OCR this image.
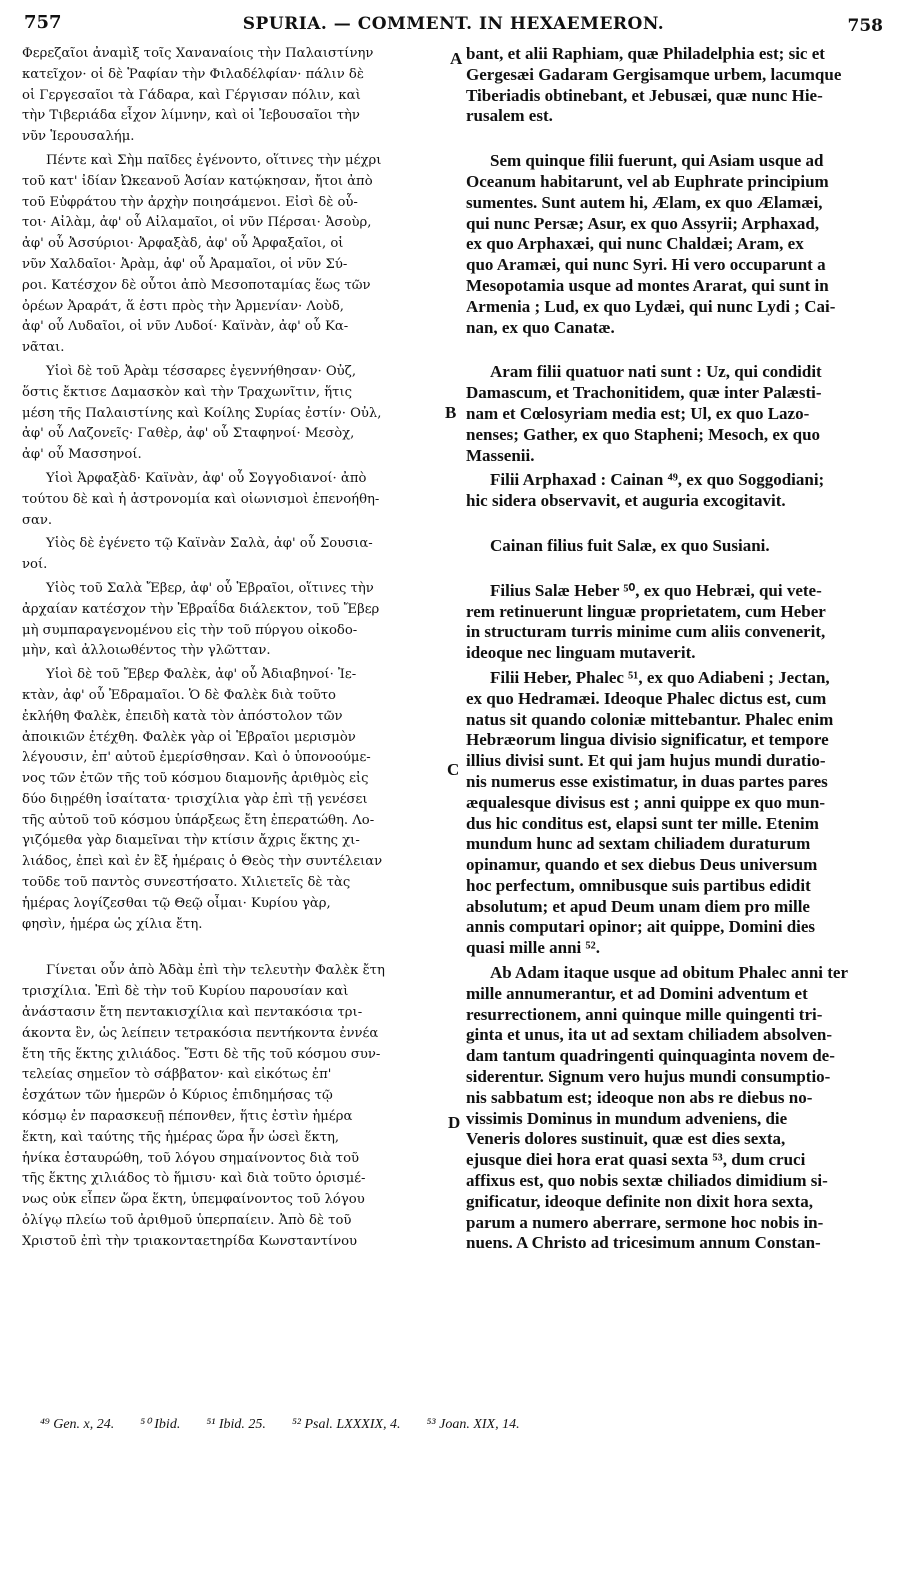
757	SPURIA. — COMMENT. IN HEXAEMERON.	758
A
B
C
D
Φερεζαῖοι ἀναμὶξ τοῖς Χαναναίοις τὴν Παλαιστίνην
κατεῖχον· οἱ δὲ Ῥαφίαν τὴν Φιλαδέλφίαν· πάλιν δὲ
οἱ Γεργεσαῖοι τὰ Γάδαρα, καὶ Γέργισαν πόλιν, καὶ
τὴν Τιβεριάδα εἶχον λίμνην, καὶ οἱ Ἰεβουσαῖοι τὴν
νῦν Ἱερουσαλήμ.
Πέντε καὶ Σὴμ παῖδες ἐγένοντο, οἵτινες τὴν μέχρι
τοῦ κατ' ἰδίαν Ὠκεανοῦ Ἀσίαν κατῴκησαν, ἤτοι ἀπὸ
τοῦ Εὐφράτου τὴν ἀρχὴν ποιησάμενοι. Εἰσὶ δὲ οὗ-
τοι· Αἰλὰμ, ἀφ' οὗ Αἰλαμαῖοι, οἱ νῦν Πέρσαι· Ἀσοὺρ,
ἀφ' οὗ Ἀσσύριοι· Ἀρφαξὰδ, ἀφ' οὗ Ἀρφαξαῖοι, οἱ
νῦν Χαλδαῖοι· Ἀρὰμ, ἀφ' οὗ Ἀραμαῖοι, οἱ νῦν Σύ-
ροι. Κατέσχον δὲ οὗτοι ἀπὸ Μεσοποταμίας ἕως τῶν
ὀρέων Ἀραράτ, ἅ ἐστι πρὸς τὴν Ἀρμενίαν· Λοὺδ,
ἀφ' οὗ Λυδαῖοι, οἱ νῦν Λυδοί· Καϊνὰν, ἀφ' οὗ Κα-
νᾶται.
Υἱοὶ δὲ τοῦ Ἀρὰμ τέσσαρες ἐγεννήθησαν· Οὐζ,
ὅστις ἔκτισε Δαμασκὸν καὶ τὴν Τραχωνῖτιν, ἥτις
μέση τῆς Παλαιστίνης καὶ Κοίλης Συρίας ἐστίν· Οὐλ,
ἀφ' οὗ Λαζονεῖς· Γαθὲρ, ἀφ' οὗ Σταφηνοί· Μεσὸχ,
ἀφ' οὗ Μασσηνοί.
Υἱοὶ Ἀρφαξὰδ· Καϊνὰν, ἀφ' οὗ Σογγοδιανοί· ἀπὸ
τούτου δὲ καὶ ἡ ἀστρονομία καὶ οἰωνισμοὶ ἐπενοήθη-
σαν.
Υἱὸς δὲ ἐγένετο τῷ Καϊνὰν Σαλὰ, ἀφ' οὗ Σουσια-
νοί.
Υἱὸς τοῦ Σαλὰ Ἔβερ, ἀφ' οὗ Ἑβραῖοι, οἵτινες τὴν
ἀρχαίαν κατέσχον τὴν Ἑβραΐδα διάλεκτον, τοῦ Ἔβερ
μὴ συμπαραγενομένου εἰς τὴν τοῦ πύργου οἰκοδο-
μὴν, καὶ ἀλλοιωθέντος τὴν γλῶτταν.
Υἱοὶ δὲ τοῦ Ἔβερ Φαλὲκ, ἀφ' οὗ Ἀδιαβηνοί· Ἰε-
κτὰν, ἀφ' οὗ Ἐδραμαῖοι. Ὁ δὲ Φαλὲκ διὰ τοῦτο
ἐκλήθη Φαλὲκ, ἐπειδὴ κατὰ τὸν ἀπόστολον τῶν
ἀποικιῶν ἐτέχθη. Φαλὲκ γὰρ οἱ Ἑβραῖοι μερισμὸν
λέγουσιν, ἐπ' αὐτοῦ ἐμερίσθησαν. Καὶ ὁ ὑπονοούμε-
νος τῶν ἐτῶν τῆς τοῦ κόσμου διαμονῆς ἀριθμὸς εἰς
δύο διῃρέθη ἰσαίτατα· τρισχίλια γὰρ ἐπὶ τῇ γενέσει
τῆς αὐτοῦ τοῦ κόσμου ὑπάρξεως ἔτη ἐπερατώθη. Λο-
γιζόμεθα γὰρ διαμεῖναι τὴν κτίσιν ἄχρις ἕκτης χι-
λιάδος, ἐπεὶ καὶ ἐν ἓξ ἡμέραις ὁ Θεὸς τὴν συντέλειαν
τοῦδε τοῦ παντὸς συνεστήσατο. Χιλιετεῖς δὲ τὰς
ἡμέρας λογίζεσθαι τῷ Θεῷ οἶμαι· Κυρίου γὰρ,
φησὶν, ἡμέρα ὡς χίλια ἔτη.
Γίνεται οὖν ἀπὸ Ἀδὰμ ἐπὶ τὴν τελευτὴν Φαλὲκ ἔτη
τρισχίλια. Ἐπὶ δὲ τὴν τοῦ Κυρίου παρουσίαν καὶ
ἀνάστασιν ἔτη πεντακισχίλια καὶ πεντακόσια τρι-
άκοντα ἓν, ὡς λείπειν τετρακόσια πεντήκοντα ἐννέα
ἔτη τῆς ἕκτης χιλιάδος. Ἔστι δὲ τῆς τοῦ κόσμου συν-
τελείας σημεῖον τὸ σάββατον· καὶ εἰκότως ἐπ'
ἐσχάτων τῶν ἡμερῶν ὁ Κύριος ἐπιδημήσας τῷ
κόσμῳ ἐν παρασκευῇ πέπονθεν, ἥτις ἐστὶν ἡμέρα
ἕκτη, καὶ ταύτης τῆς ἡμέρας ὥρα ἦν ὡσεὶ ἕκτη,
ἡνίκα ἐσταυρώθη, τοῦ λόγου σημαίνοντος διὰ τοῦ
τῆς ἕκτης χιλιάδος τὸ ἥμισυ· καὶ διὰ τοῦτο ὁρισμέ-
νως οὐκ εἶπεν ὥρα ἕκτη, ὑπεμφαίνοντος τοῦ λόγου
ὀλίγῳ πλείω τοῦ ἀριθμοῦ ὑπερπαίειν. Ἀπὸ δὲ τοῦ
Χριστοῦ ἐπὶ τὴν τριακονταετηρίδα Κωνσταντίνου
bant, et alii Raphiam, quæ Philadelphia est; sic et
Gergesæi Gadaram Gergisamque urbem, lacumque
Tiberiadis obtinebant, et Jebusæi, quæ nunc Hie-
rusalem est.
Sem quinque filii fuerunt, qui Asiam usque ad
Oceanum habitarunt, vel ab Euphrate principium
sumentes. Sunt autem hi, Ælam, ex quo Ælamæi,
qui nunc Persæ; Asur, ex quo Assyrii; Arphaxad,
ex quo Arphaxæi, qui nunc Chaldæi; Aram, ex
quo Aramæi, qui nunc Syri. Hi vero occuparunt a
Mesopotamia usque ad montes Ararat, qui sunt in
Armenia ; Lud, ex quo Lydæi, qui nunc Lydi ; Cai-
nan, ex quo Canatæ.
Aram filii quatuor nati sunt : Uz, qui condidit
Damascum, et Trachonitidem, quæ inter Palæsti-
nam et Cœlosyriam media est; Ul, ex quo Lazo-
nenses; Gather, ex quo Stapheni; Mesoch, ex quo
Massenii.
Filii Arphaxad : Cainan ⁴⁹, ex quo Soggodiani;
hic sidera observavit, et auguria excogitavit.
Cainan filius fuit Salæ, ex quo Susiani.
Filius Salæ Heber ⁵⁰, ex quo Hebræi, qui vete-
rem retinuerunt linguæ proprietatem, cum Heber
in structuram turris minime cum aliis convenerit,
ideoque nec linguam mutaverit.
Filii Heber, Phalec ⁵¹, ex quo Adiabeni ; Jectan,
ex quo Hedramæi. Ideoque Phalec dictus est, cum
natus sit quando coloniæ mittebantur. Phalec enim
Hebræorum lingua divisio significatur, et tempore
illius divisi sunt. Et qui jam hujus mundi duratio-
nis numerus esse existimatur, in duas partes pares
æqualesque divisus est ; anni quippe ex quo mun-
dus hic conditus est, elapsi sunt ter mille. Etenim
mundum hunc ad sextam chiliadem duraturum
opinamur, quando et sex diebus Deus universum
hoc perfectum, omnibusque suis partibus edidit
absolutum; et apud Deum unam diem pro mille
annis computari opinor; ait quippe, Domini dies
quasi mille anni ⁵².
Ab Adam itaque usque ad obitum Phalec anni ter
mille annumerantur, et ad Domini adventum et
resurrectionem, anni quinque mille quingenti tri-
ginta et unus, ita ut ad sextam chiliadem absolven-
dam tantum quadringenti quinquaginta novem de-
siderentur. Signum vero hujus mundi consumptio-
nis sabbatum est; ideoque non abs re diebus no-
vissimis Dominus in mundum adveniens, die
Veneris dolores sustinuit, quæ est dies sexta,
ejusque diei hora erat quasi sexta ⁵³, dum cruci
affixus est, quo nobis sextæ chiliados dimidium si-
gnificatur, ideoque definite non dixit hora sexta,
parum a numero aberrare, sermone hoc nobis in-
nuens. A Christo ad tricesimum annum Constan-
⁴⁹ Gen. x, 24. ⁵⁰ Ibid. ⁵¹ Ibid. 25. ⁵² Psal. LXXXIX, 4. ⁵³ Joan. XIX, 14.
